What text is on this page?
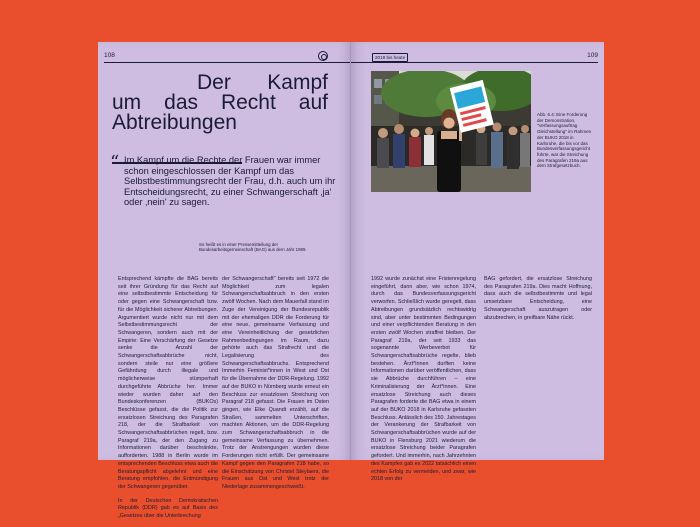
108
Der Kampf
um das Recht auf
Abtreibungen
“ Im Kampf um die Rechte der Frauen war immer schon eingeschlossen der Kampf um das Selbstbestimmungsrecht der Frau, d.h. auch um ihr Entscheidungsrecht, zu einer Schwangerschaft ‚ja' oder ‚nein' zu sagen.
So heißt es in einer Pressemitteilung der Bundesarbeitsgemeinschaft (BAG) aus dem Jahr 1989.

Entsprechend kämpfte die BAG bereits seit ihrer Gründung für das Recht auf eine selbstbestimmte Entscheidung für oder gegen eine Schwangerschaft bzw. für die Möglichkeit sicherer Abtreibungen. Argumentiert wurde nicht nur mit dem Selbstbestimmungsrecht der Schwangeren, sondern auch mit der Empirie: Eine Verschärfung der Gesetze senke die Anzahl der Schwangerschaftsabbrüche nicht, sondern steile nur eine größere Gefährdung durch illegale und möglicherweise stümperhaft durchgeführte Abbrüche her. Immer wieder wurden daher auf den Bundeskonferenzen (BUKOs) Beschlüsse gefasst, die die Politik zur ersatzlosen Streichung des Paragrafen 218, der die Strafbarkeit von Schwangerschaftsabbrüchen regelt, bzw. Paragraf 219a, der den Zugang zu Informationen darüber beschränkte, aufforderten. 1988 in Berlin wurde im entsprechenden Beschluss etwa auch die Beratungspflicht abgelehnt und eine Beratung empfohlen, die Entmündigung der Schwangeren gegenüber.

In der Deutschen Demokratischen Republik (DDR) gab es auf Basis des „Gesetzes über die Unterbrechung

der Schwangerschaft" bereits seit 1972 die Möglichkeit zum legalen Schwangerschaftsabbruch in den ersten zwölf Wochen. Nach dem Mauerfall stand im Zuge der Vereinigung der Bundesrepublik mit der ehemaligen DDR die Forderung für eine neue, gemeinsame Verfassung und eine Vereinheitlichung der gesetzlichen Rahmenbedingungen im Raum, dazu gehörte auch das Strafrecht und die Legalisierung des Schwangerschaftsabbruchs. Entsprechend Immerhin Feminist*innen in West und Ost für die Übernahme der DDR-Regelung. 1992 auf der BUKO in Nürnberg wurde erneut ein Beschluss zur ersatzlosen Streichung von Paragraf 218 gefasst. Die Frauen im Osten gingen, wie Elke Quandt erzählt, auf die Straßen, sammelten Unterschriften, machten Aktionen, um die DDR-Regelung zum Schwangerschaftsabbruch in die gemeinsame Verfassung zu übernehmen. Trotz der Anstrengungen wurden diese Forderungen nicht erfüllt. Der gemeinsame Kampf gegen den Paragrafen 218 habe, so die Einschätzung von Christel Steylaers, die Frauen aus Ost und West trotz der Niederlage zusammengeschweißt.

2019 bis heute	109
Abb. 6.4: Eine Forderung der Demonstration, "Verfassungsauftrag Gleichstellung" im Rahmen der BUKO 2018 in Karlsruhe, die bis vor das Bundesverfassungsgericht führte, war die Streichung des Paragrafen 219a aus dem Strafgesetzbuch.

1992 wurde zunächst eine Fristenregelung eingeführt, dann aber, wie schon 1974, durch das Bundesverfassungsgericht verworfen. Schließlich wurde geregelt, dass Abtreibungen grundsätzlich rechtswidrig sind, aber unter bestimmten Bedingungen und einer verpflichtenden Beratung in den ersten zwölf Wochen straffrei bleiben. Der Paragraf 219a, der seit 1933 das sogenannte Werbeverbot für Schwangerschaftsabbrüche regelte, blieb bestehen. Ärzt*innen durften keine Informationen darüber veröffentlichen, dass sie Abbrüche durchführen – eine Kriminalisierung der Ärzt*innen. Eine ersatzlose Streichung auch dieses Paragrafen forderte die BAG etwa in einem auf der BUKO 2018 in Karlsruhe gefassten Beschluss. Anlässlich des 150. Jahrestages der Verankerung der Strafbarkeit von Schwangerschaftsabbrüchen wurde auf der BUKO in Flensburg 2021 wiederum die ersatzlose Streichung beider Paragrafen gefordert. Und immerhin, nach Jahrzehnten des Kampfes gab es 2022 tatsächlich einen echten Erfolg zu vermelden, und zwar, wie 2018 von der

BAG gefordert, die ersatzlose Streichung des Paragrafen 219a. Dies macht Hoffnung, dass auch die selbstbestimmte und legal umsetzbare Entscheidung, eine Schwangerschaft auszutragen oder abzubrechen, in greifbare Nähe rückt.
